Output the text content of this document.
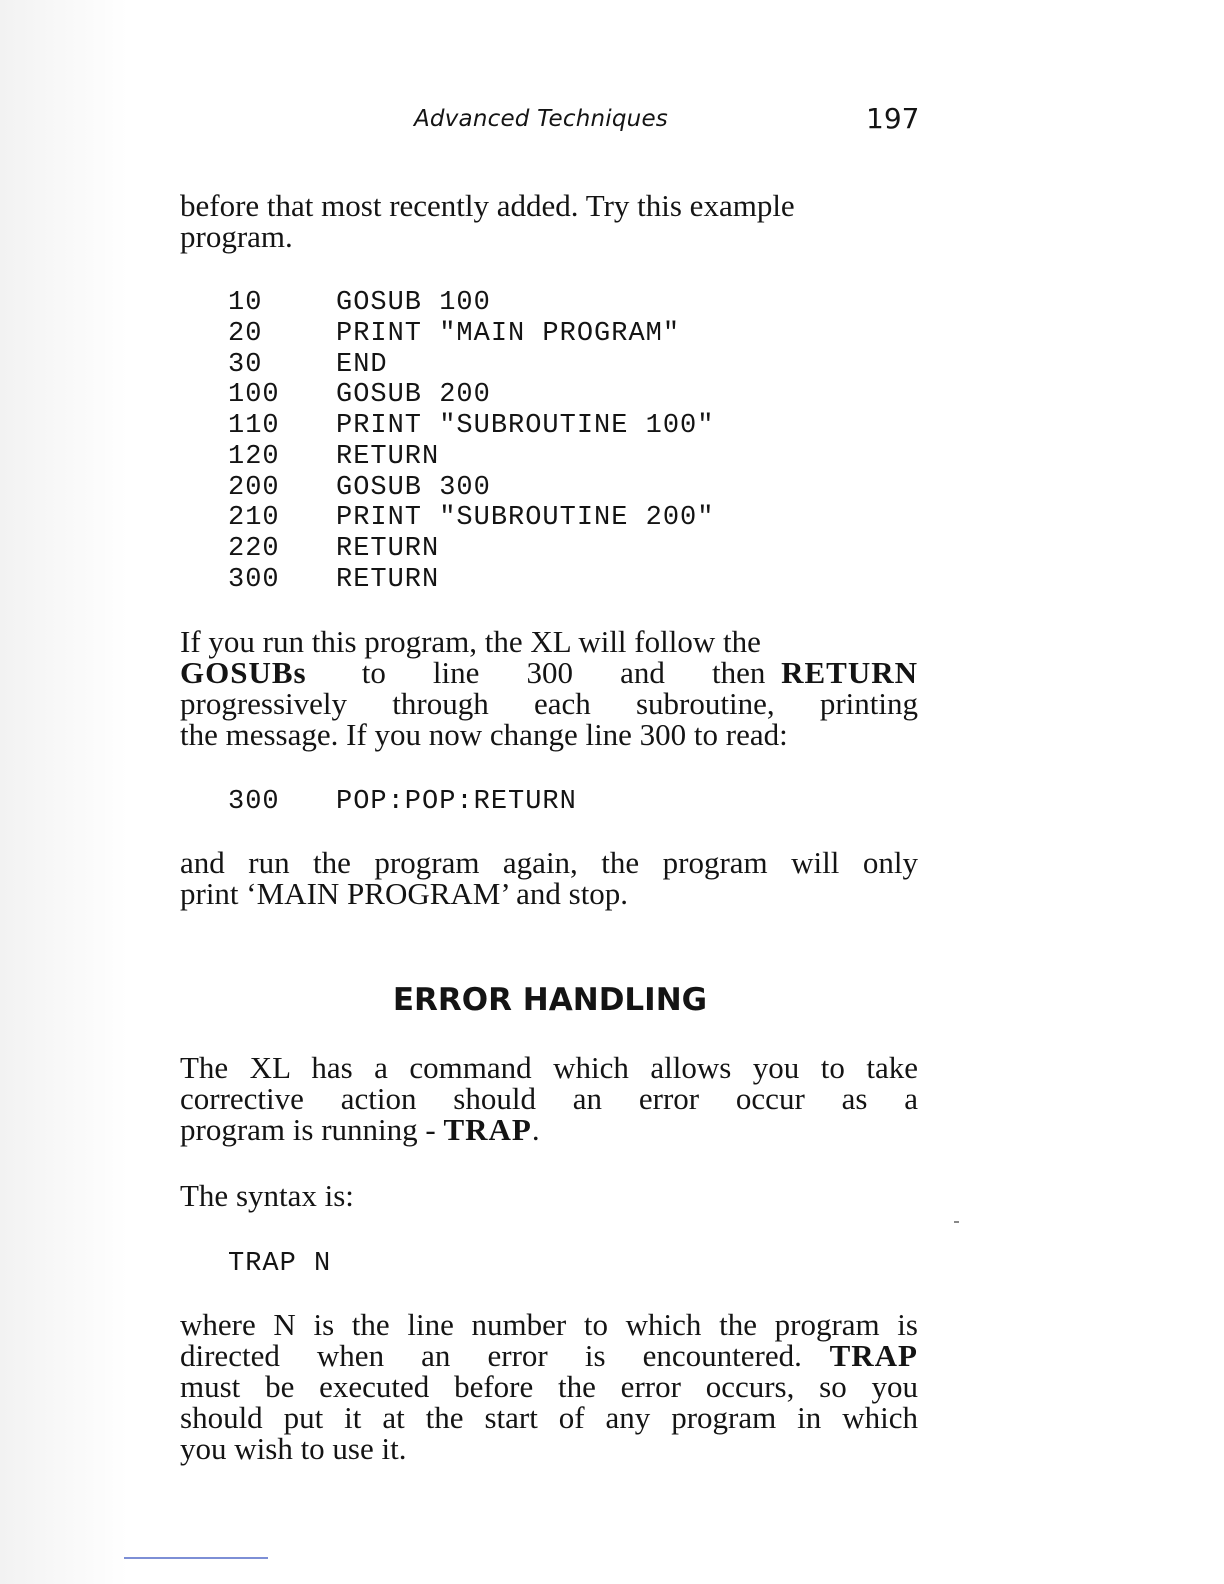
Advanced Techniques	197
before that most recently added. Try this example
program.
10	GOSUB 100
20	PRINT "MAIN PROGRAM"
30	END
100 GOSUB 200
110 PRINT "SUBROUTINE 100"
120 RETURN
200 GOSUB 300
210 PRINT "SUBROUTINE 200"
220 RETURN
300 RETURN
If you run this program, the XL will follow the
GOSUBs to line 300 and then RETURN
progressively through each subroutine, printing
the message. If you now change line 300 to read:
300 POP:POP:RETURN
and run the program again, the program will only
print ‘MAIN PROGRAM’ and stop.
ERROR HANDLING
The XL has a command which allows you to take
corrective action should an error occur as a
program is running - TRAP.
The syntax is:
TRAP N
where N is the line number to which the program is
directed when an error is encountered. TRAP
must be executed before the error occurs, so you
should put it at the start of any program in which
you wish to use it.
